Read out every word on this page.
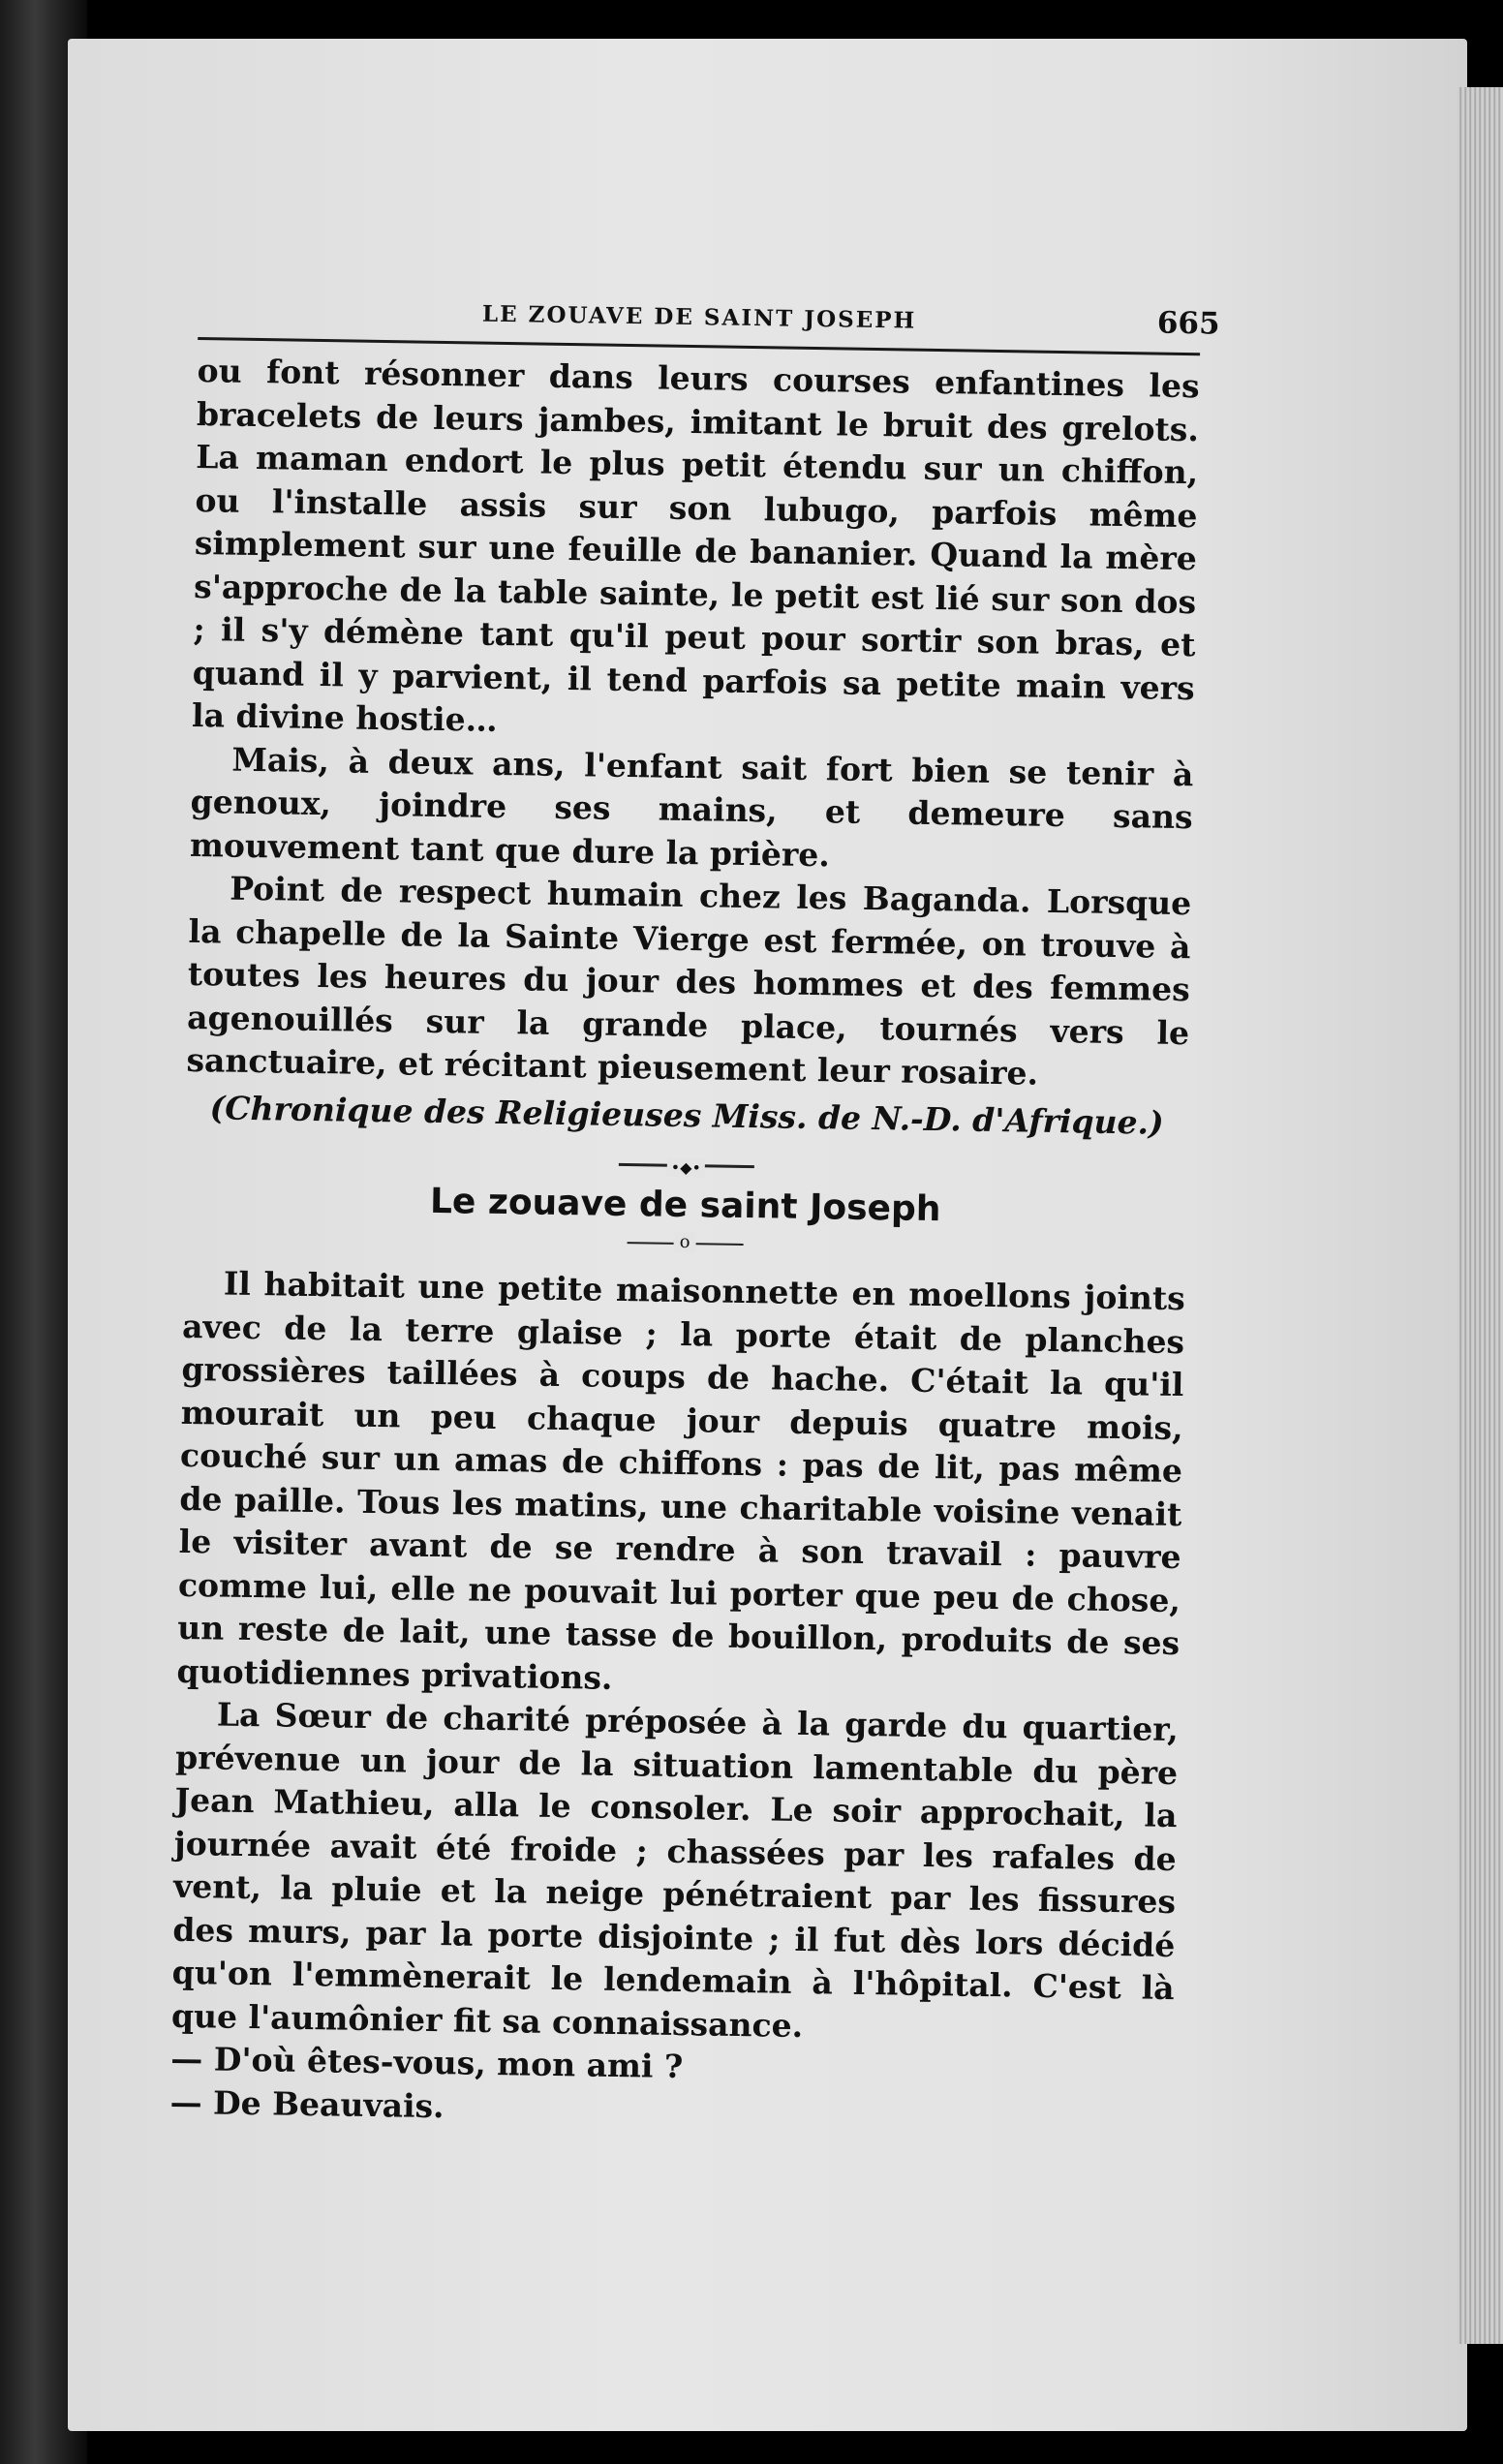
LE ZOUAVE DE SAINT JOSEPH	665

ou font résonner dans leurs courses enfantines les bracelets de leurs jambes, imitant le bruit des grelots. La maman endort le plus petit étendu sur un chiffon, ou l'installe assis sur son lubugo, parfois même simplement sur une feuille de bananier. Quand la mère s'approche de la table sainte, le petit est lié sur son dos ; il s'y démène tant qu'il peut pour sortir son bras, et quand il y parvient, il tend parfois sa petite main vers la divine hostie…

Mais, à deux ans, l'enfant sait fort bien se tenir à genoux, joindre ses mains, et demeure sans mouvement tant que dure la prière.

Point de respect humain chez les Baganda. Lorsque la chapelle de la Sainte Vierge est fermée, on trouve à toutes les heures du jour des hommes et des femmes agenouillés sur la grande place, tournés vers le sanctuaire, et récitant pieusement leur rosaire.

(Chronique des Religieuses Miss. de N.-D. d'Afrique.)

•◆•
Le zouave de saint Joseph
o

Il habitait une petite maisonnette en moellons joints avec de la terre glaise ; la porte était de planches grossières taillées à coups de hache. C'était la qu'il mourait un peu chaque jour depuis quatre mois, couché sur un amas de chiffons : pas de lit, pas même de paille. Tous les matins, une charitable voisine venait le visiter avant de se rendre à son travail : pauvre comme lui, elle ne pouvait lui porter que peu de chose, un reste de lait, une tasse de bouillon, produits de ses quotidiennes privations.

La Sœur de charité préposée à la garde du quartier, prévenue un jour de la situation lamentable du père Jean Mathieu, alla le consoler. Le soir approchait, la journée avait été froide ; chassées par les rafales de vent, la pluie et la neige pénétraient par les fissures des murs, par la porte disjointe ; il fut dès lors décidé qu'on l'emmènerait le lendemain à l'hôpital. C'est là que l'aumônier fit sa connaissance.

— D'où êtes-vous, mon ami ?

— De Beauvais.
